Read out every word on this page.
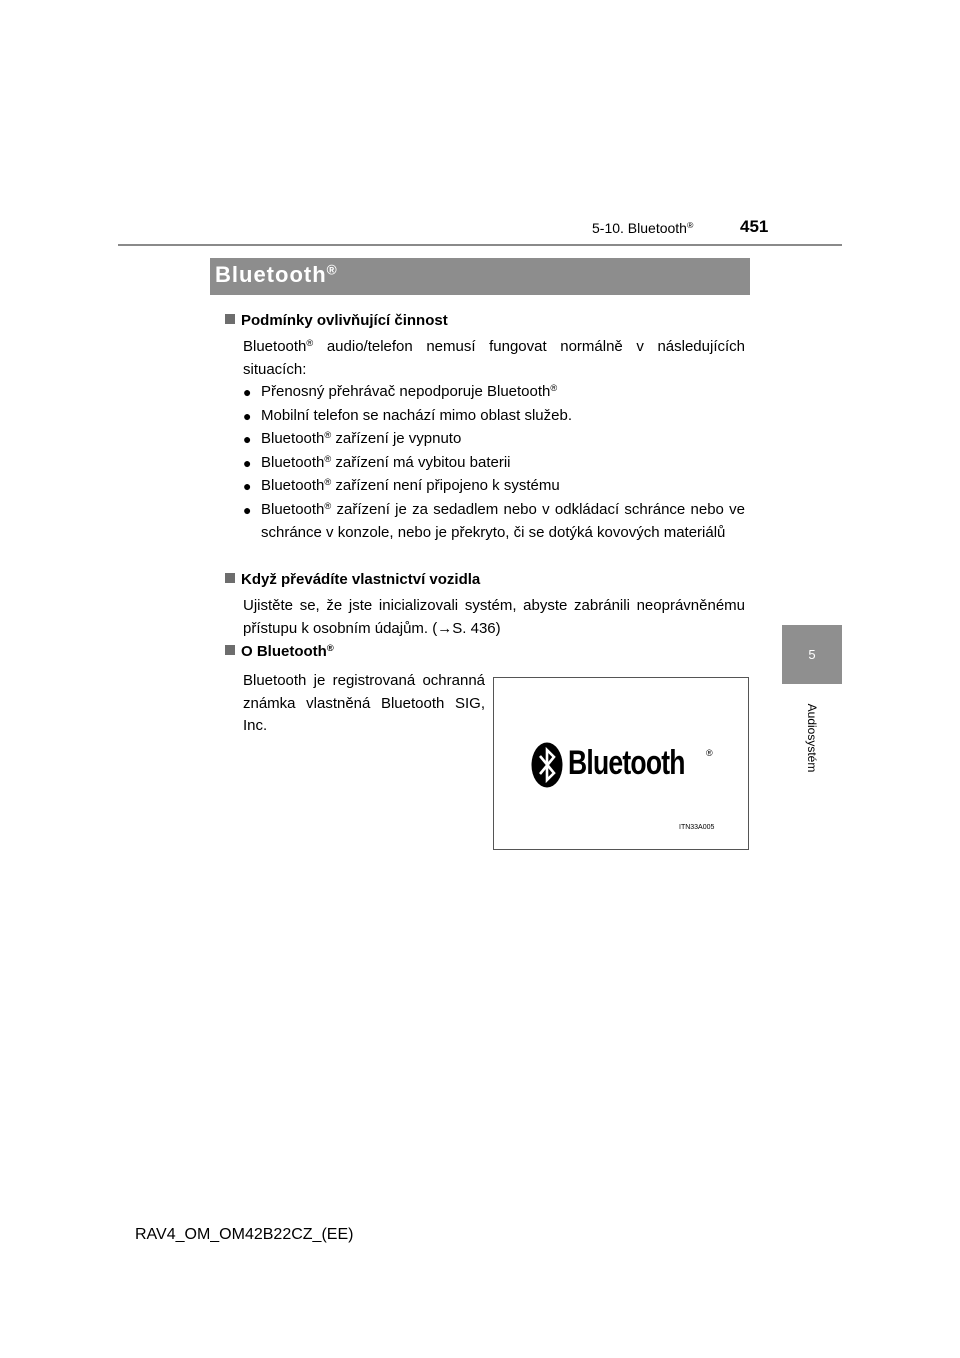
5-10. Bluetooth®	451
5
Audiosystém
Bluetooth®
Podmínky ovlivňující činnost
Bluetooth® audio/telefon nemusí fungovat normálně v následujících situacích:
● Přenosný přehrávač nepodporuje Bluetooth®
● Mobilní telefon se nachází mimo oblast služeb.
● Bluetooth® zařízení je vypnuto
● Bluetooth® zařízení má vybitou baterii
● Bluetooth® zařízení není připojeno k systému
● Bluetooth® zařízení je za sedadlem nebo v odkládací schránce nebo ve schránce v konzole, nebo je překryto, či se dotýká kovových materiálů
Když převádíte vlastnictví vozidla
Ujistěte se, že jste inicializovali systém, abyste zabránili neoprávněnému přístupu k osobním údajům. (→S. 436)
O Bluetooth®
Bluetooth je registrovaná ochranná známka vlastněná Bluetooth SIG, Inc.
Bluetooth ®
ITN33A005
RAV4_OM_OM42B22CZ_(EE)
